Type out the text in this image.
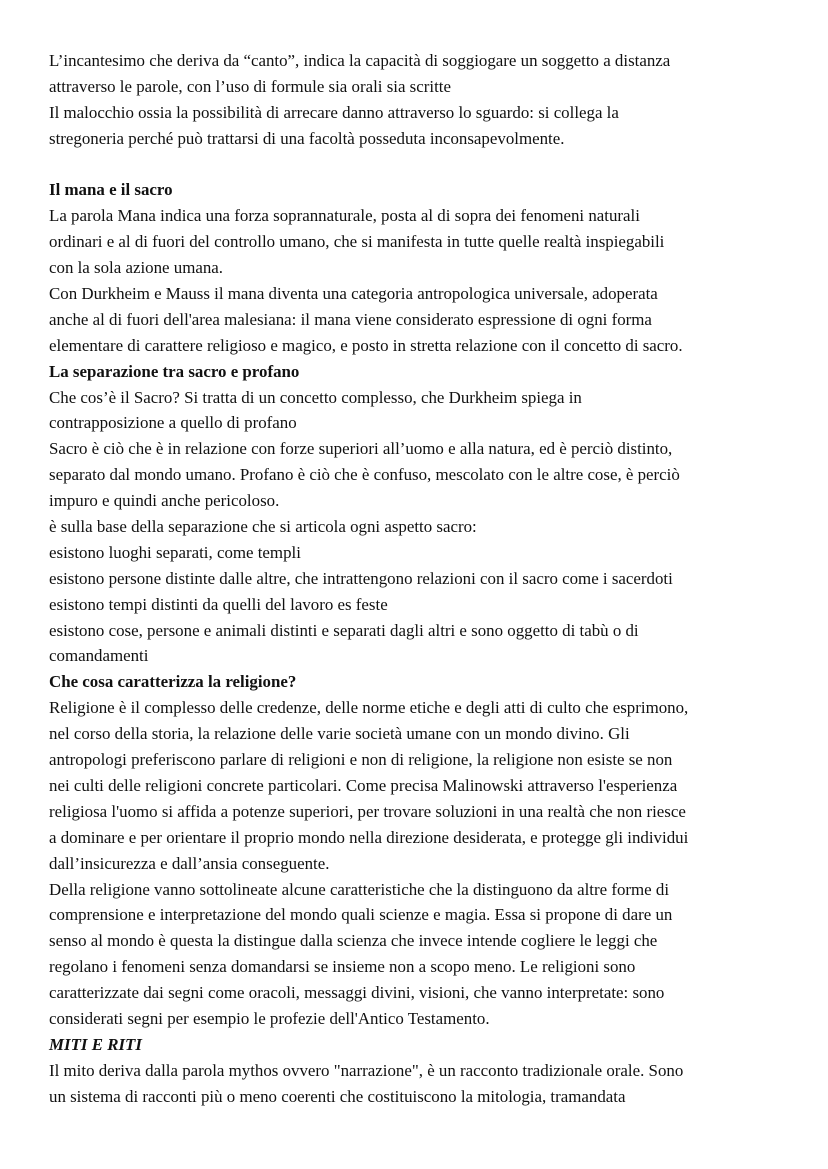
L’incantesimo che deriva da “canto”, indica la capacità di soggiogare un soggetto a distanza
attraverso le parole, con l’uso di formule sia orali sia scritte
Il malocchio ossia la possibilità di arrecare danno attraverso lo sguardo: si collega la
stregoneria perché può trattarsi di una facoltà posseduta inconsapevolmente.
Il mana e il sacro
La parola Mana indica una forza soprannaturale, posta al di sopra dei fenomeni naturali
ordinari e al di fuori del controllo umano, che si manifesta in tutte quelle realtà inspiegabili
con la sola azione umana.
Con Durkheim e Mauss il mana diventa una categoria antropologica universale, adoperata
anche al di fuori dell'area malesiana: il mana viene considerato espressione di ogni forma
elementare di carattere religioso e magico, e posto in stretta relazione con il concetto di sacro.
La separazione tra sacro e profano
Che cos’è il Sacro? Si tratta di un concetto complesso, che Durkheim spiega in
contrapposizione a quello di profano
Sacro è ciò che è in relazione con forze superiori all’uomo e alla natura, ed è perciò distinto,
separato dal mondo umano. Profano è ciò che è confuso, mescolato con le altre cose, è perciò
impuro e quindi anche pericoloso.
è sulla base della separazione che si articola ogni aspetto sacro:
esistono luoghi separati, come templi
esistono persone distinte dalle altre, che intrattengono relazioni con il sacro come i sacerdoti
esistono tempi distinti da quelli del lavoro es feste
esistono cose, persone e animali distinti e separati dagli altri e sono oggetto di tabù o di
comandamenti
Che cosa caratterizza la religione?
Religione è il complesso delle credenze, delle norme etiche e degli atti di culto che esprimono,
nel corso della storia, la relazione delle varie società umane con un mondo divino. Gli
antropologi preferiscono parlare di religioni e non di religione, la religione non esiste se non
nei culti delle religioni concrete particolari. Come precisa Malinowski attraverso l'esperienza
religiosa l'uomo si affida a potenze superiori, per trovare soluzioni in una realtà che non riesce
a dominare e per orientare il proprio mondo nella direzione desiderata, e protegge gli individui
dall’insicurezza e dall’ansia conseguente.
Della religione vanno sottolineate alcune caratteristiche che la distinguono da altre forme di
comprensione e interpretazione del mondo quali scienze e magia. Essa si propone di dare un
senso al mondo è questa la distingue dalla scienza che invece intende cogliere le leggi che
regolano i fenomeni senza domandarsi se insieme non a scopo meno. Le religioni sono
caratterizzate dai segni come oracoli, messaggi divini, visioni, che vanno interpretate: sono
considerati segni per esempio le profezie dell'Antico Testamento.
MITI E RITI
Il mito deriva dalla parola mythos ovvero "narrazione", è un racconto tradizionale orale. Sono
un sistema di racconti più o meno coerenti che costituiscono la mitologia, tramandata
